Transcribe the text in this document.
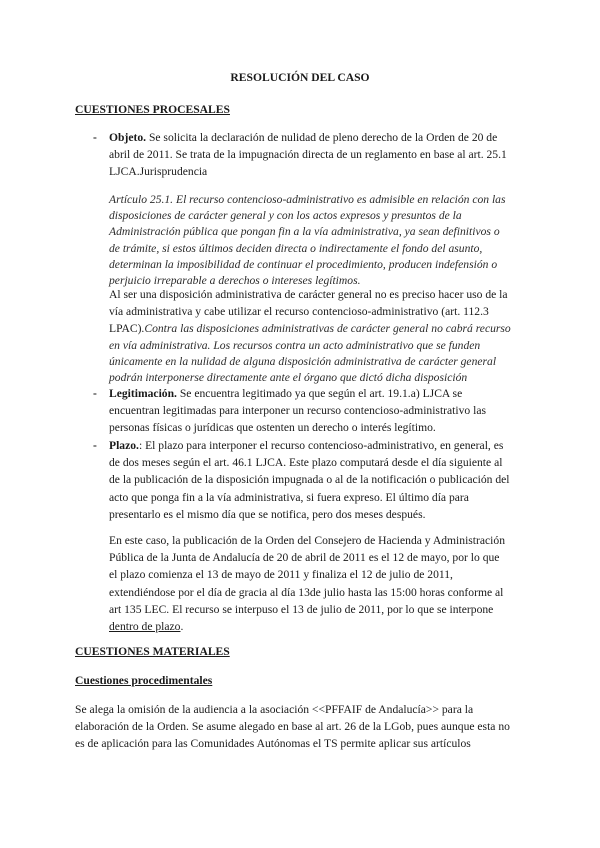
RESOLUCIÓN DEL CASO
CUESTIONES PROCESALES
- Objeto. Se solicita la declaración de nulidad de pleno derecho de la Orden de 20 de
abril de 2011. Se trata de la impugnación directa de un reglamento en base al art. 25.1
LJCA.Jurisprudencia
Artículo 25.1. El recurso contencioso-administrativo es admisible en relación con las
disposiciones de carácter general y con los actos expresos y presuntos de la
Administración pública que pongan fin a la vía administrativa, ya sean definitivos o
de trámite, si estos últimos deciden directa o indirectamente el fondo del asunto,
determinan la imposibilidad de continuar el procedimiento, producen indefensión o
perjuicio irreparable a derechos o intereses legítimos.
Al ser una disposición administrativa de carácter general no es preciso hacer uso de la
vía administrativa y cabe utilizar el recurso contencioso-administrativo (art. 112.3
LPAC).Contra las disposiciones administrativas de carácter general no cabrá recurso
en vía administrativa. Los recursos contra un acto administrativo que se funden
únicamente en la nulidad de alguna disposición administrativa de carácter general
podrán interponerse directamente ante el órgano que dictó dicha disposición
- Legitimación. Se encuentra legitimado ya que según el art. 19.1.a) LJCA se
encuentran legitimadas para interponer un recurso contencioso-administrativo las
personas físicas o jurídicas que ostenten un derecho o interés legítimo.
- Plazo.: El plazo para interponer el recurso contencioso-administrativo, en general, es
de dos meses según el art. 46.1 LJCA. Este plazo computará desde el día siguiente al
de la publicación de la disposición impugnada o al de la notificación o publicación del
acto que ponga fin a la vía administrativa, si fuera expreso. El último día para
presentarlo es el mismo día que se notifica, pero dos meses después.
En este caso, la publicación de la Orden del Consejero de Hacienda y Administración
Pública de la Junta de Andalucía de 20 de abril de 2011 es el 12 de mayo, por lo que
el plazo comienza el 13 de mayo de 2011 y finaliza el 12 de julio de 2011,
extendiéndose por el día de gracia al día 13de julio hasta las 15:00 horas conforme al
art 135 LEC. El recurso se interpuso el 13 de julio de 2011, por lo que se interpone
dentro de plazo.
CUESTIONES MATERIALES
Cuestiones procedimentales
Se alega la omisión de la audiencia a la asociación <<PFFAIF de Andalucía>> para la
elaboración de la Orden. Se asume alegado en base al art. 26 de la LGob, pues aunque esta no
es de aplicación para las Comunidades Autónomas el TS permite aplicar sus artículos
